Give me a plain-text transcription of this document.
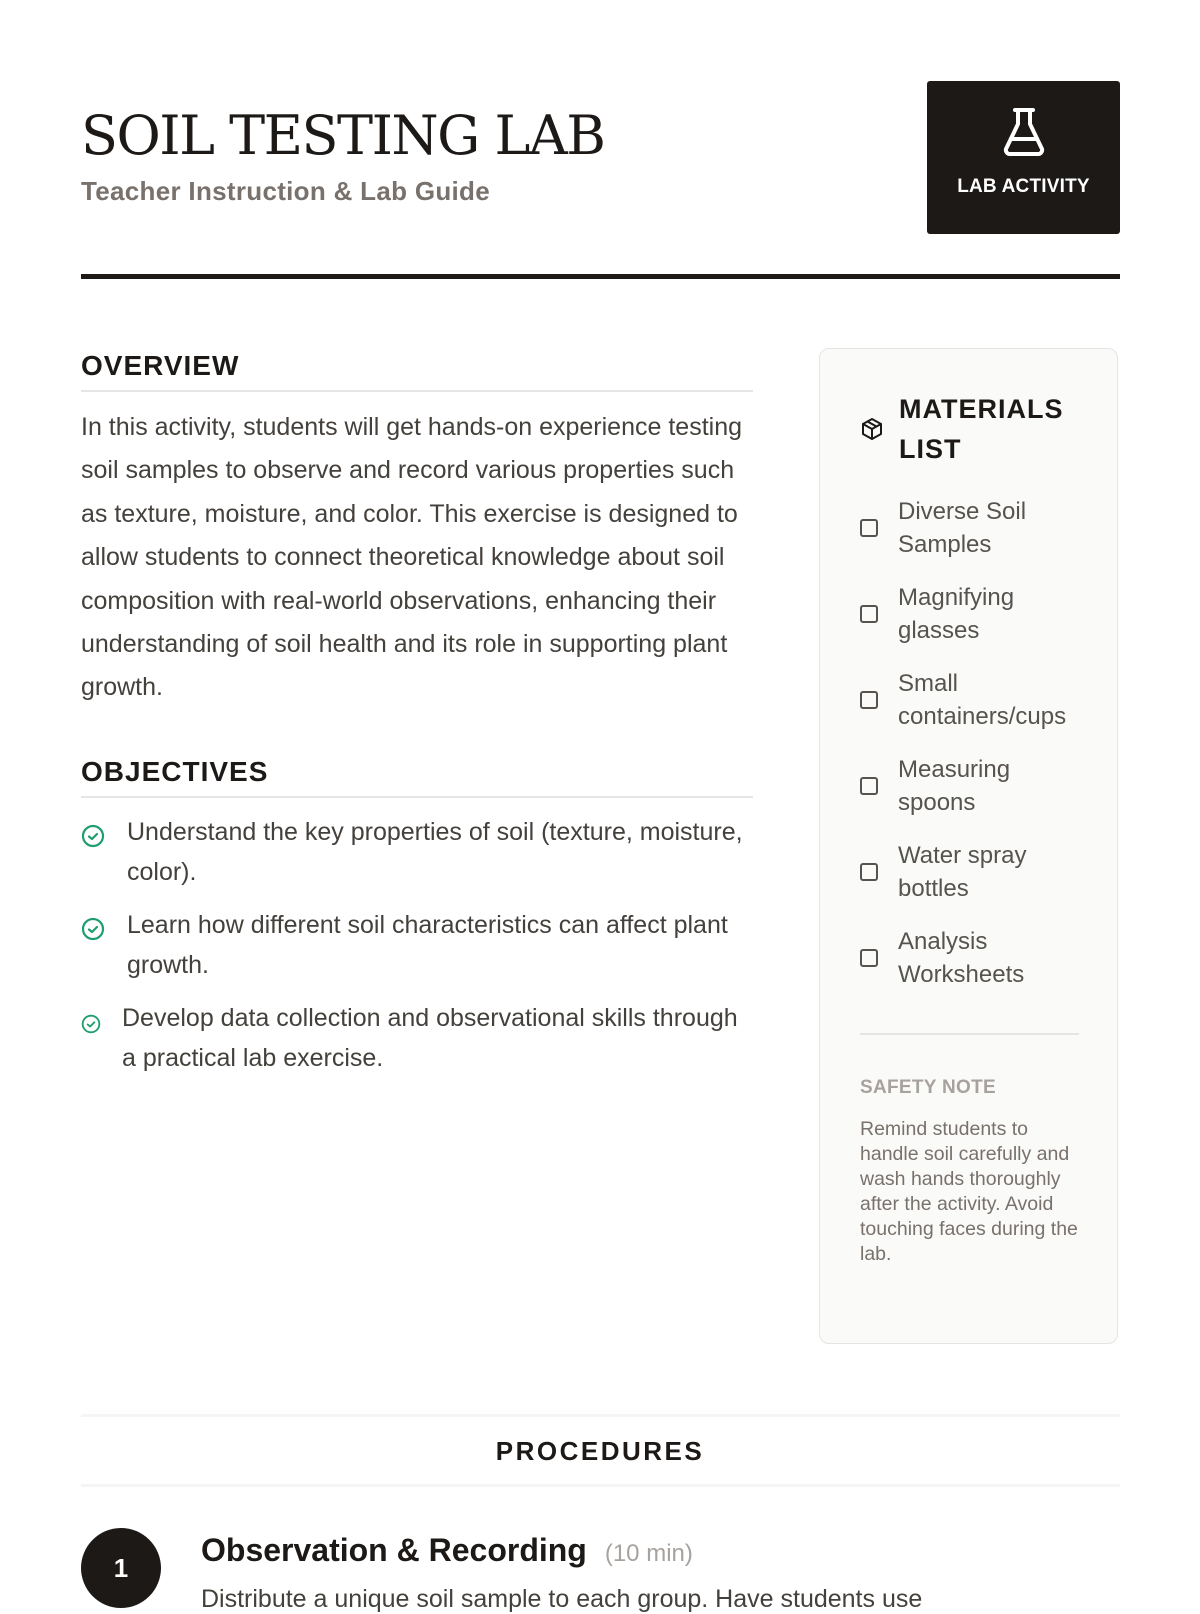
SOIL TESTING LAB
Teacher Instruction & Lab Guide	LAB ACTIVITY
OVERVIEW

In this activity, students will get hands-on experience testing soil samples to observe and record various properties such as texture, moisture, and color. This exercise is designed to allow students to connect theoretical knowledge about soil composition with real-world observations, enhancing their understanding of soil health and its role in supporting plant growth.

OBJECTIVES
Understand the key properties of soil (texture, moisture, color).
Learn how different soil characteristics can affect plant growth.
Develop data collection and observational skills through a practical lab exercise.
MATERIALS LIST
Diverse Soil Samples
Magnifying glasses
Small containers/cups
Measuring spoons
Water spray bottles
Analysis Worksheets
SAFETY NOTE
Remind students to handle soil carefully and wash hands thoroughly after the activity. Avoid touching faces during the lab.
PROCEDURES
1	Observation & Recording (10 min)
Distribute a unique soil sample to each group. Have students use
